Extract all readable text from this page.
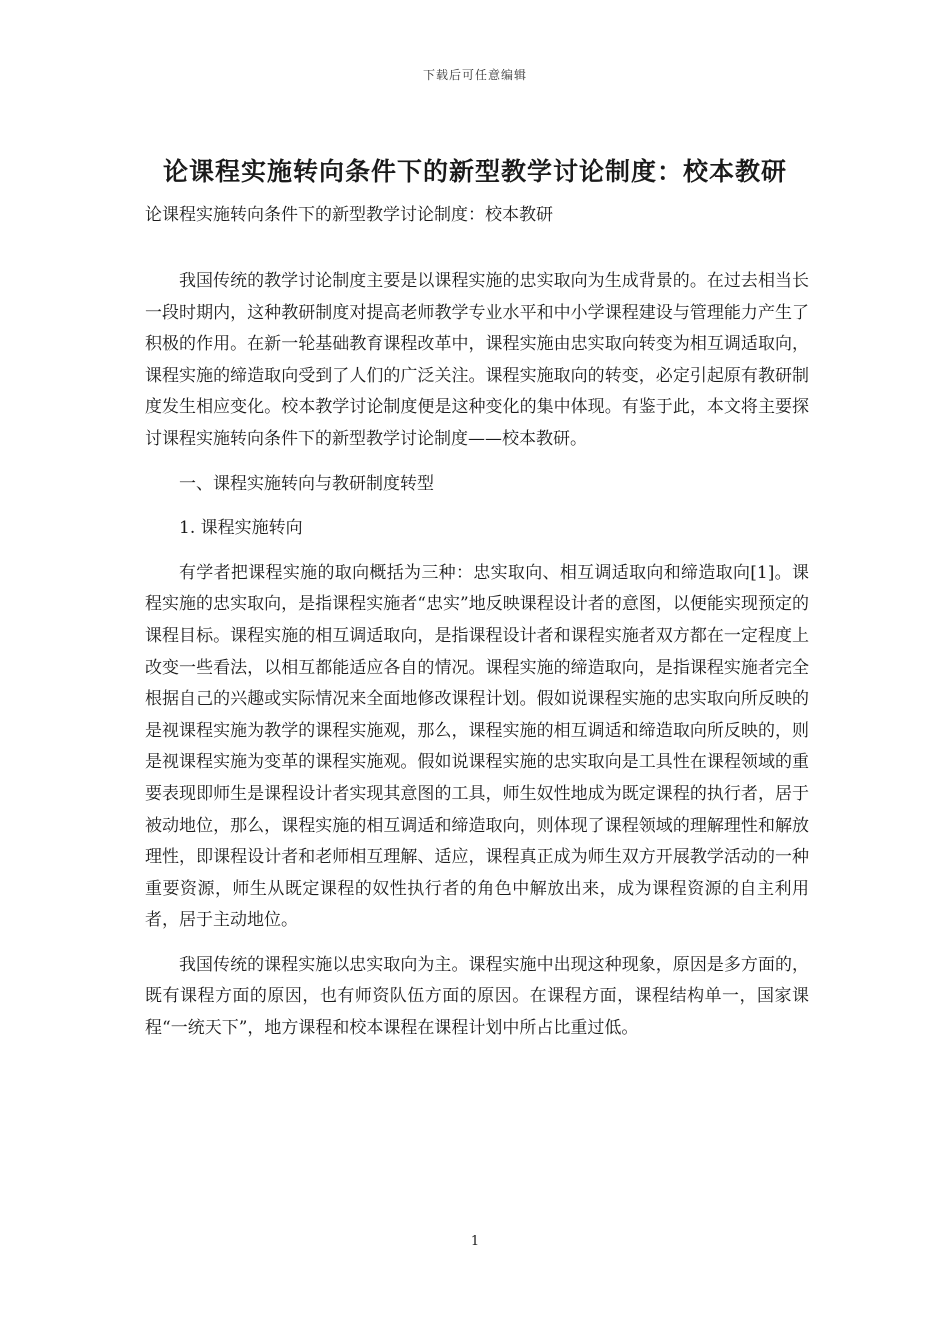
下载后可任意编辑
论课程实施转向条件下的新型教学讨论制度：校本教研

论课程实施转向条件下的新型教学讨论制度：校本教研

我国传统的教学讨论制度主要是以课程实施的忠实取向为生成背景的。在过去相当长一段时期内，这种教研制度对提高老师教学专业水平和中小学课程建设与管理能力产生了积极的作用。在新一轮基础教育课程改革中，课程实施由忠实取向转变为相互调适取向，课程实施的缔造取向受到了人们的广泛关注。课程实施取向的转变，必定引起原有教研制度发生相应变化。校本教学讨论制度便是这种变化的集中体现。有鉴于此，本文将主要探讨课程实施转向条件下的新型教学讨论制度——校本教研。

一、课程实施转向与教研制度转型

1. 课程实施转向

有学者把课程实施的取向概括为三种：忠实取向、相互调适取向和缔造取向[1]。课程实施的忠实取向，是指课程实施者“忠实”地反映课程设计者的意图，以便能实现预定的课程目标。课程实施的相互调适取向，是指课程设计者和课程实施者双方都在一定程度上改变一些看法，以相互都能适应各自的情况。课程实施的缔造取向，是指课程实施者完全根据自己的兴趣或实际情况来全面地修改课程计划。假如说课程实施的忠实取向所反映的是视课程实施为教学的课程实施观，那么，课程实施的相互调适和缔造取向所反映的，则是视课程实施为变革的课程实施观。假如说课程实施的忠实取向是工具性在课程领域的重要表现即师生是课程设计者实现其意图的工具，师生奴性地成为既定课程的执行者，居于被动地位，那么，课程实施的相互调适和缔造取向，则体现了课程领域的理解理性和解放理性，即课程设计者和老师相互理解、适应，课程真正成为师生双方开展教学活动的一种重要资源，师生从既定课程的奴性执行者的角色中解放出来，成为课程资源的自主利用者，居于主动地位。

我国传统的课程实施以忠实取向为主。课程实施中出现这种现象，原因是多方面的，既有课程方面的原因，也有师资队伍方面的原因。在课程方面，课程结构单一，国家课程“一统天下”，地方课程和校本课程在课程计划中所占比重过低。

1
